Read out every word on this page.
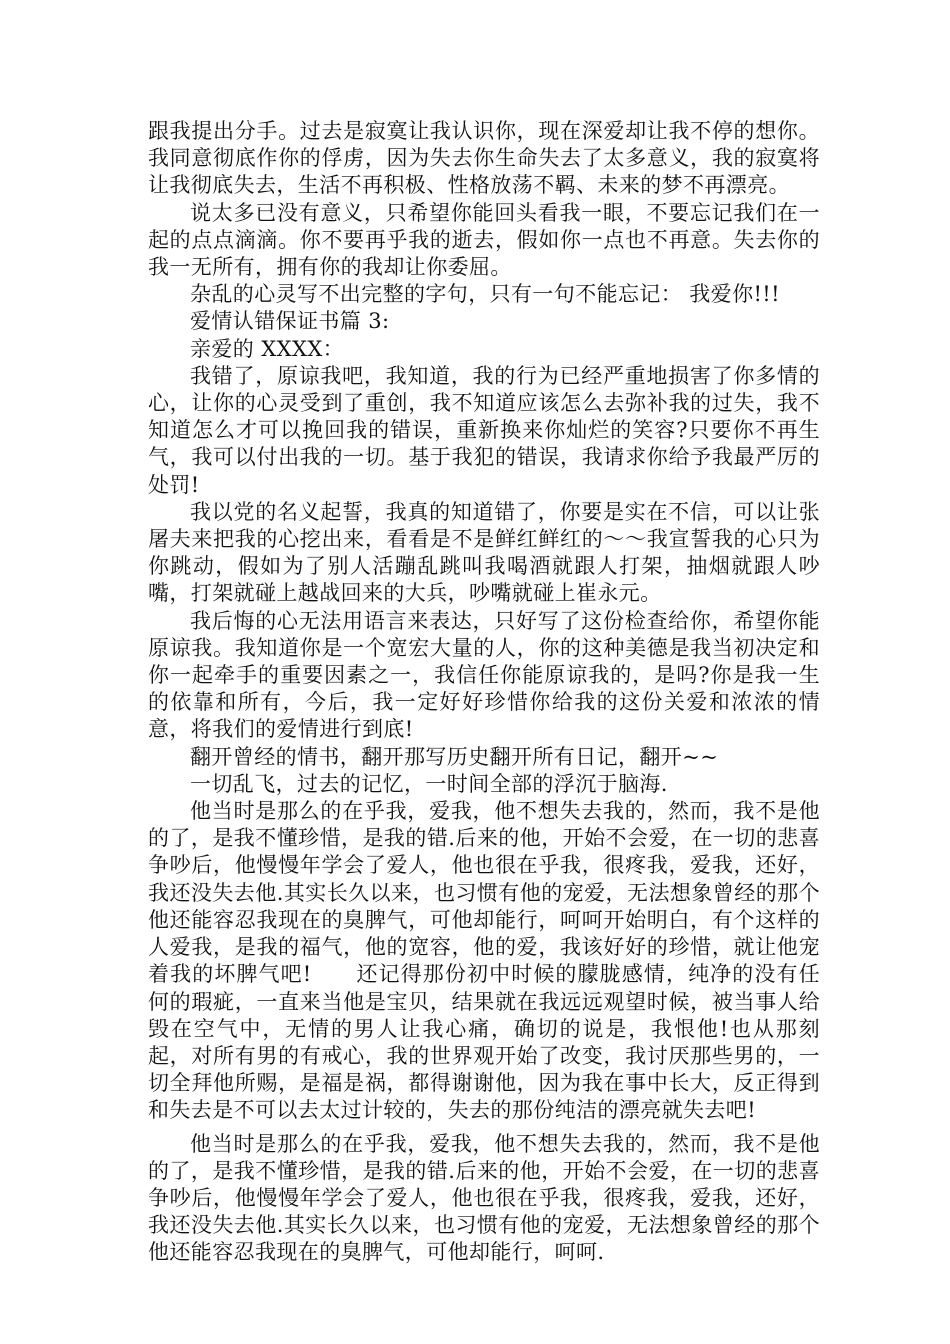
跟我提出分手。过去是寂寞让我认识你，现在深爱却让我不停的想你。我同意彻底作你的俘虏，因为失去你生命失去了太多意义，我的寂寞将让我彻底失去，生活不再积极、性格放荡不羁、未来的梦不再漂亮。

说太多已没有意义，只希望你能回头看我一眼，不要忘记我们在一起的点点滴滴。你不要再乎我的逝去，假如你一点也不再意。失去你的我一无所有，拥有你的我却让你委屈。

杂乱的心灵写不出完整的字句，只有一句不能忘记： 我爱你!!!

爱情认错保证书篇 3:

亲爱的 XXXX：

我错了，原谅我吧，我知道，我的行为已经严重地损害了你多情的心，让你的心灵受到了重创，我不知道应该怎么去弥补我的过失，我不知道怎么才可以挽回我的错误，重新换来你灿烂的笑容?只要你不再生气，我可以付出我的一切。基于我犯的错误，我请求你给予我最严厉的处罚!

我以党的名义起誓，我真的知道错了，你要是实在不信，可以让张屠夫来把我的心挖出来，看看是不是鲜红鲜红的～～我宣誓我的心只为你跳动，假如为了别人活蹦乱跳叫我喝酒就跟人打架，抽烟就跟人吵嘴，打架就碰上越战回来的大兵，吵嘴就碰上崔永元。

我后悔的心无法用语言来表达，只好写了这份检查给你，希望你能原谅我。我知道你是一个宽宏大量的人，你的这种美德是我当初决定和你一起牵手的重要因素之一，我信任你能原谅我的，是吗?你是我一生的依靠和所有，今后，我一定好好珍惜你给我的这份关爱和浓浓的情意，将我们的爱情进行到底!

翻开曾经的情书，翻开那写历史翻开所有日记，翻开~~

一切乱飞，过去的记忆，一时间全部的浮沉于脑海.

他当时是那么的在乎我，爱我，他不想失去我的，然而，我不是他的了，是我不懂珍惜，是我的错.后来的他，开始不会爱，在一切的悲喜争吵后，他慢慢年学会了爱人，他也很在乎我，很疼我，爱我，还好，我还没失去他.其实长久以来，也习惯有他的宠爱，无法想象曾经的那个他还能容忍我现在的臭脾气，可他却能行，呵呵开始明白，有个这样的人爱我，是我的福气，他的宽容，他的爱，我该好好的珍惜，就让他宠着我的坏脾气吧!　　还记得那份初中时候的朦胧感情，纯净的没有任何的瑕疵，一直来当他是宝贝，结果就在我远远观望时候，被当事人给毁在空气中，无情的男人让我心痛，确切的说是，我恨他!也从那刻起，对所有男的有戒心，我的世界观开始了改变，我讨厌那些男的，一切全拜他所赐，是福是祸，都得谢谢他，因为我在事中长大，反正得到和失去是不可以去太过计较的，失去的那份纯洁的漂亮就失去吧!

他当时是那么的在乎我，爱我，他不想失去我的，然而，我不是他的了，是我不懂珍惜，是我的错.后来的他，开始不会爱，在一切的悲喜争吵后，他慢慢年学会了爱人，他也很在乎我，很疼我，爱我，还好，我还没失去他.其实长久以来，也习惯有他的宠爱，无法想象曾经的那个他还能容忍我现在的臭脾气，可他却能行，呵呵.
